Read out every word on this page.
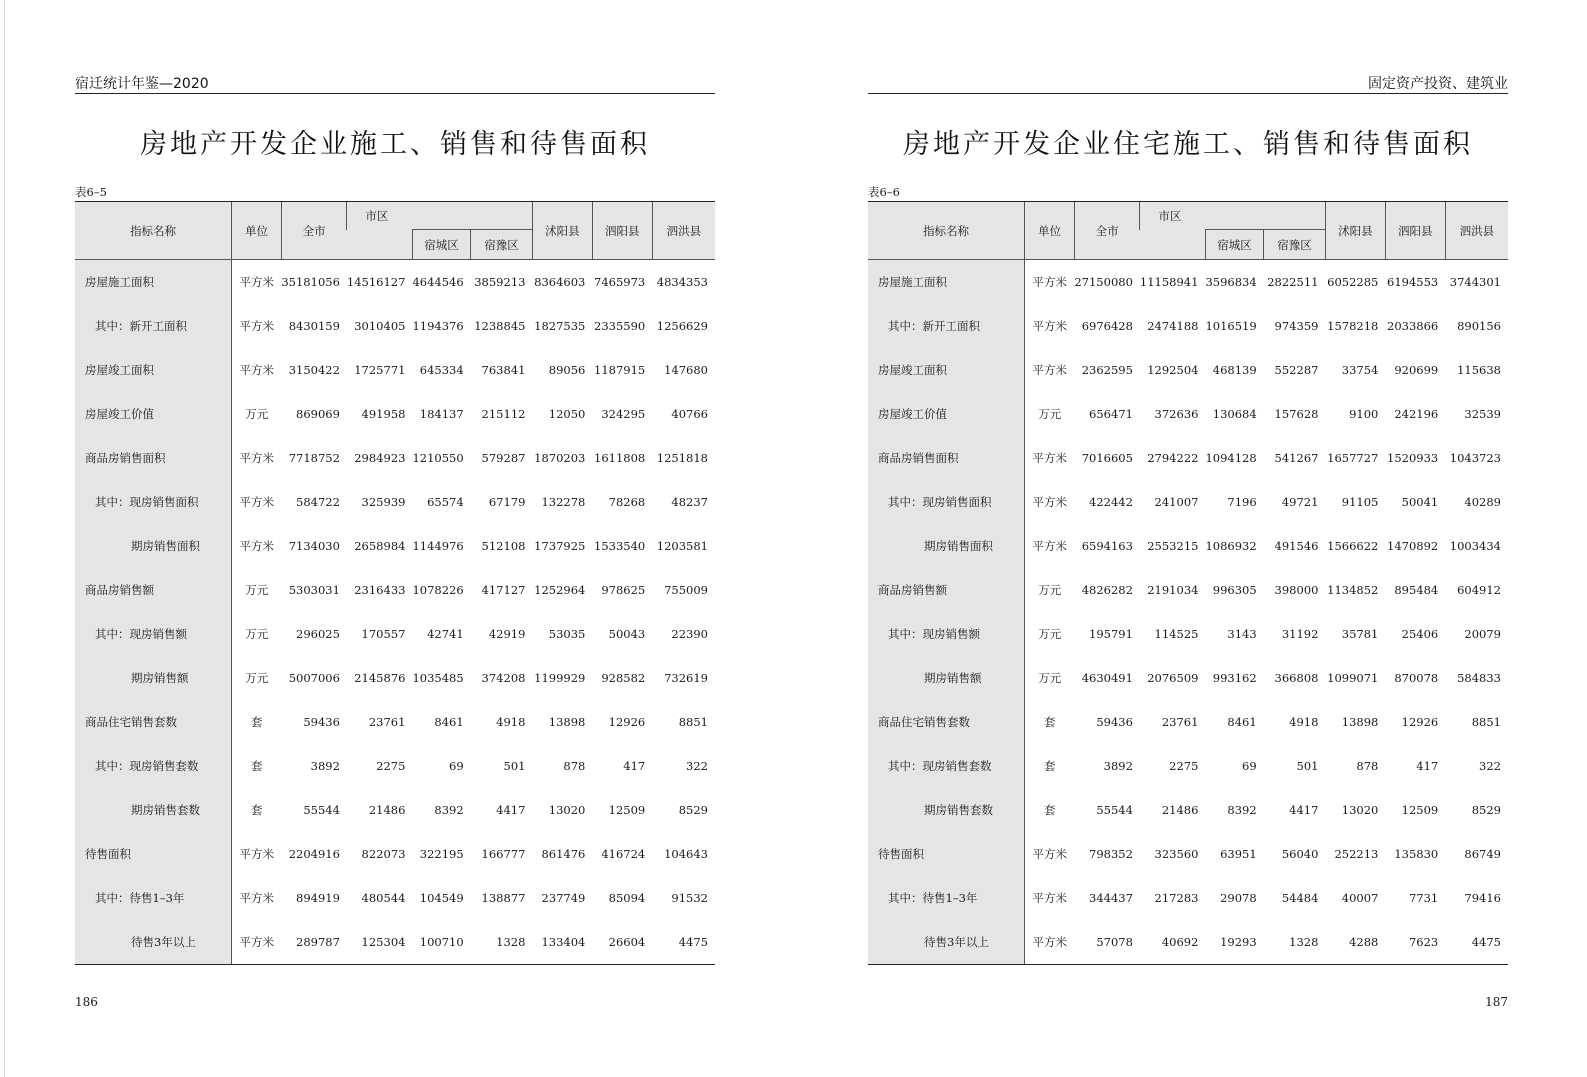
宿迁统计年鉴—2020
房地产开发企业施工、销售和待售面积
表6–5
指标名称	单位	全市	市区			沭阳县	泗阳县	泗洪县
				宿城区	宿豫区			
房屋施工面积	平方米	35181056	14516127	4644546	3859213	8364603	7465973	4834353
其中：新开工面积	平方米	8430159	3010405	1194376	1238845	1827535	2335590	1256629
房屋竣工面积	平方米	3150422	1725771	645334	763841	89056	1187915	147680
房屋竣工价值	万元	869069	491958	184137	215112	12050	324295	40766
商品房销售面积	平方米	7718752	2984923	1210550	579287	1870203	1611808	1251818
其中：现房销售面积	平方米	584722	325939	65574	67179	132278	78268	48237
期房销售面积	平方米	7134030	2658984	1144976	512108	1737925	1533540	1203581
商品房销售额	万元	5303031	2316433	1078226	417127	1252964	978625	755009
其中：现房销售额	万元	296025	170557	42741	42919	53035	50043	22390
期房销售额	万元	5007006	2145876	1035485	374208	1199929	928582	732619
商品住宅销售套数	套	59436	23761	8461	4918	13898	12926	8851
其中：现房销售套数	套	3892	2275	69	501	878	417	322
期房销售套数	套	55544	21486	8392	4417	13020	12509	8529
待售面积	平方米	2204916	822073	322195	166777	861476	416724	104643
其中：待售1–3年	平方米	894919	480544	104549	138877	237749	85094	91532
待售3年以上	平方米	289787	125304	100710	1328	133404	26604	4475
186
固定资产投资、建筑业
房地产开发企业住宅施工、销售和待售面积
表6–6
指标名称	单位	全市	市区			沭阳县	泗阳县	泗洪县
				宿城区	宿豫区			
房屋施工面积	平方米	27150080	11158941	3596834	2822511	6052285	6194553	3744301
其中：新开工面积	平方米	6976428	2474188	1016519	974359	1578218	2033866	890156
房屋竣工面积	平方米	2362595	1292504	468139	552287	33754	920699	115638
房屋竣工价值	万元	656471	372636	130684	157628	9100	242196	32539
商品房销售面积	平方米	7016605	2794222	1094128	541267	1657727	1520933	1043723
其中：现房销售面积	平方米	422442	241007	7196	49721	91105	50041	40289
期房销售面积	平方米	6594163	2553215	1086932	491546	1566622	1470892	1003434
商品房销售额	万元	4826282	2191034	996305	398000	1134852	895484	604912
其中：现房销售额	万元	195791	114525	3143	31192	35781	25406	20079
期房销售额	万元	4630491	2076509	993162	366808	1099071	870078	584833
商品住宅销售套数	套	59436	23761	8461	4918	13898	12926	8851
其中：现房销售套数	套	3892	2275	69	501	878	417	322
期房销售套数	套	55544	21486	8392	4417	13020	12509	8529
待售面积	平方米	798352	323560	63951	56040	252213	135830	86749
其中：待售1–3年	平方米	344437	217283	29078	54484	40007	7731	79416
待售3年以上	平方米	57078	40692	19293	1328	4288	7623	4475
187
